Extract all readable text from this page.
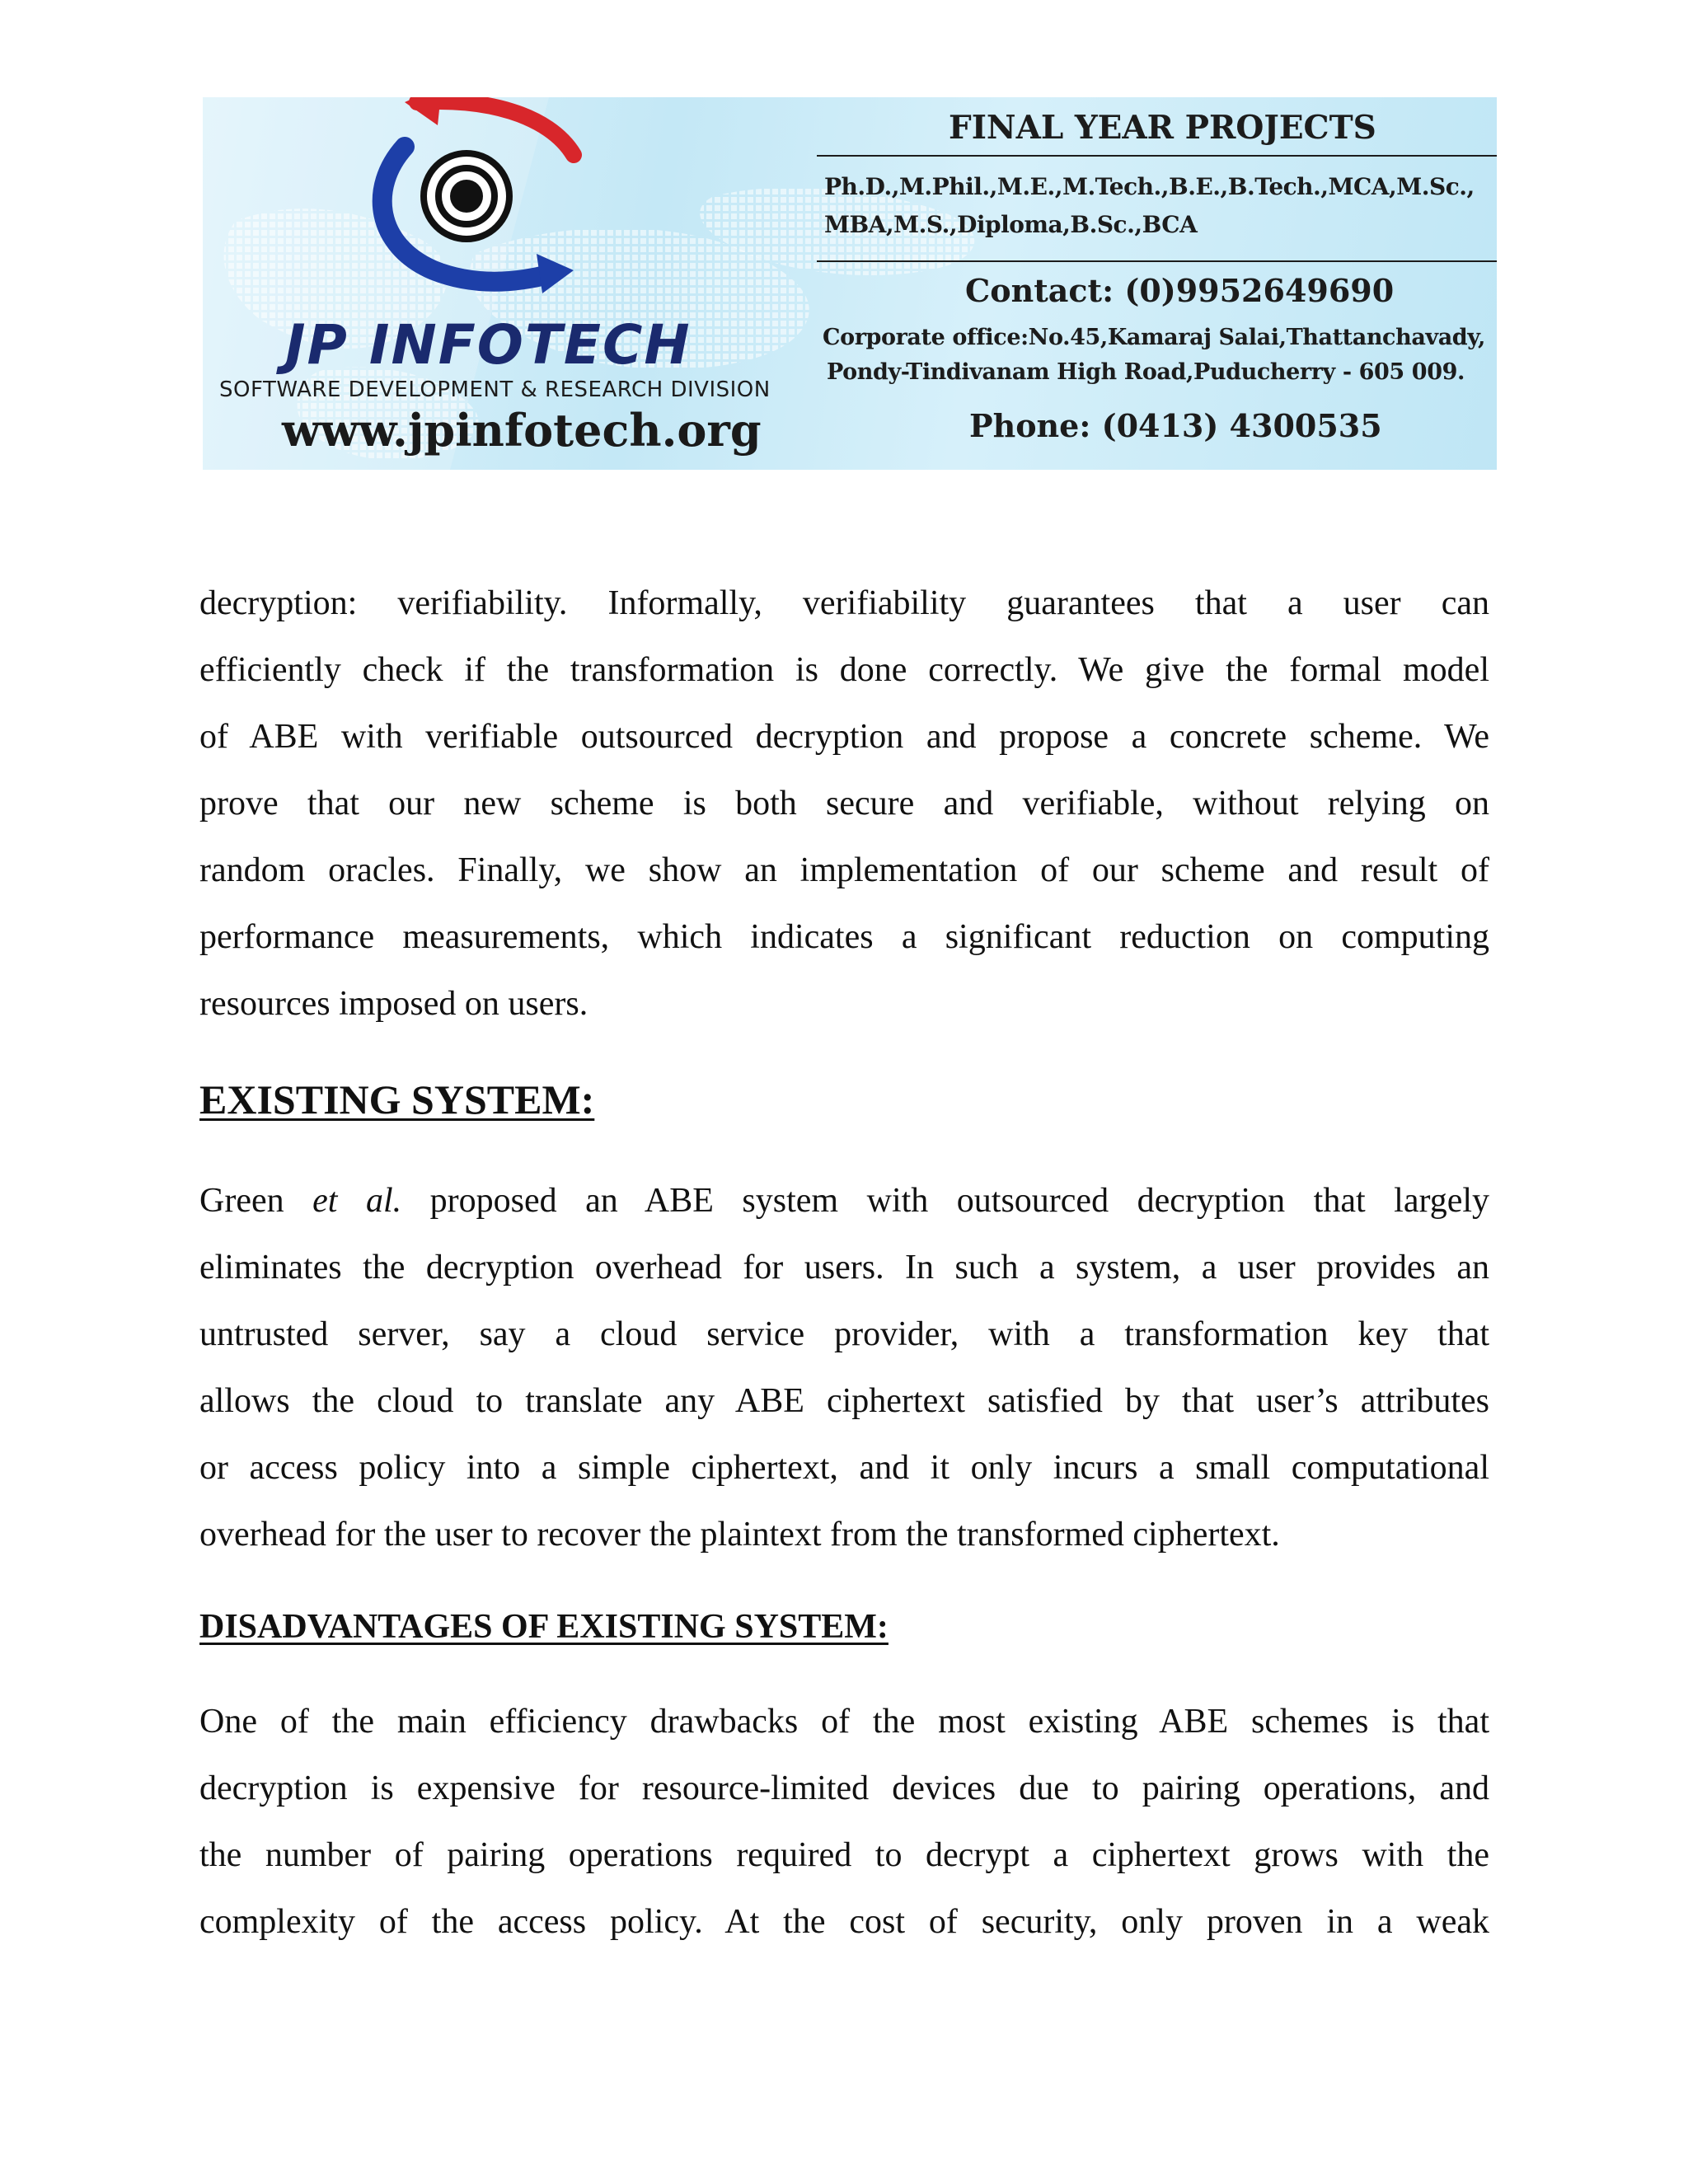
JP INFOTECH
SOFTWARE DEVELOPMENT & RESEARCH DIVISION
www.jpinfotech.org
FINAL YEAR PROJECTS
Ph.D.,M.Phil.,M.E.,M.Tech.,B.E.,B.Tech.,MCA,M.Sc.,
MBA,M.S.,Diploma,B.Sc.,BCA
Contact: (0)9952649690
Corporate office:No.45,Kamaraj Salai,Thattanchavady,
Pondy-Tindivanam High Road,Puducherry - 605 009.
Phone: (0413) 4300535
decryption: verifiability. Informally, verifiability guarantees that a user can
efficiently check if the transformation is done correctly. We give the formal model
of ABE with verifiable outsourced decryption and propose a concrete scheme. We
prove that our new scheme is both secure and verifiable, without relying on
random oracles. Finally, we show an implementation of our scheme and result of
performance measurements, which indicates a significant reduction on computing
resources imposed on users.
EXISTING SYSTEM:
Green et al. proposed an ABE system with outsourced decryption that largely
eliminates the decryption overhead for users. In such a system, a user provides an
untrusted server, say a cloud service provider, with a transformation key that
allows the cloud to translate any ABE ciphertext satisfied by that user’s attributes
or access policy into a simple ciphertext, and it only incurs a small computational
overhead for the user to recover the plaintext from the transformed ciphertext.
DISADVANTAGES OF EXISTING SYSTEM:
One of the main efficiency drawbacks of the most existing ABE schemes is that
decryption is expensive for resource-limited devices due to pairing operations, and
the number of pairing operations required to decrypt a ciphertext grows with the
complexity of the access policy. At the cost of security, only proven in a weak
